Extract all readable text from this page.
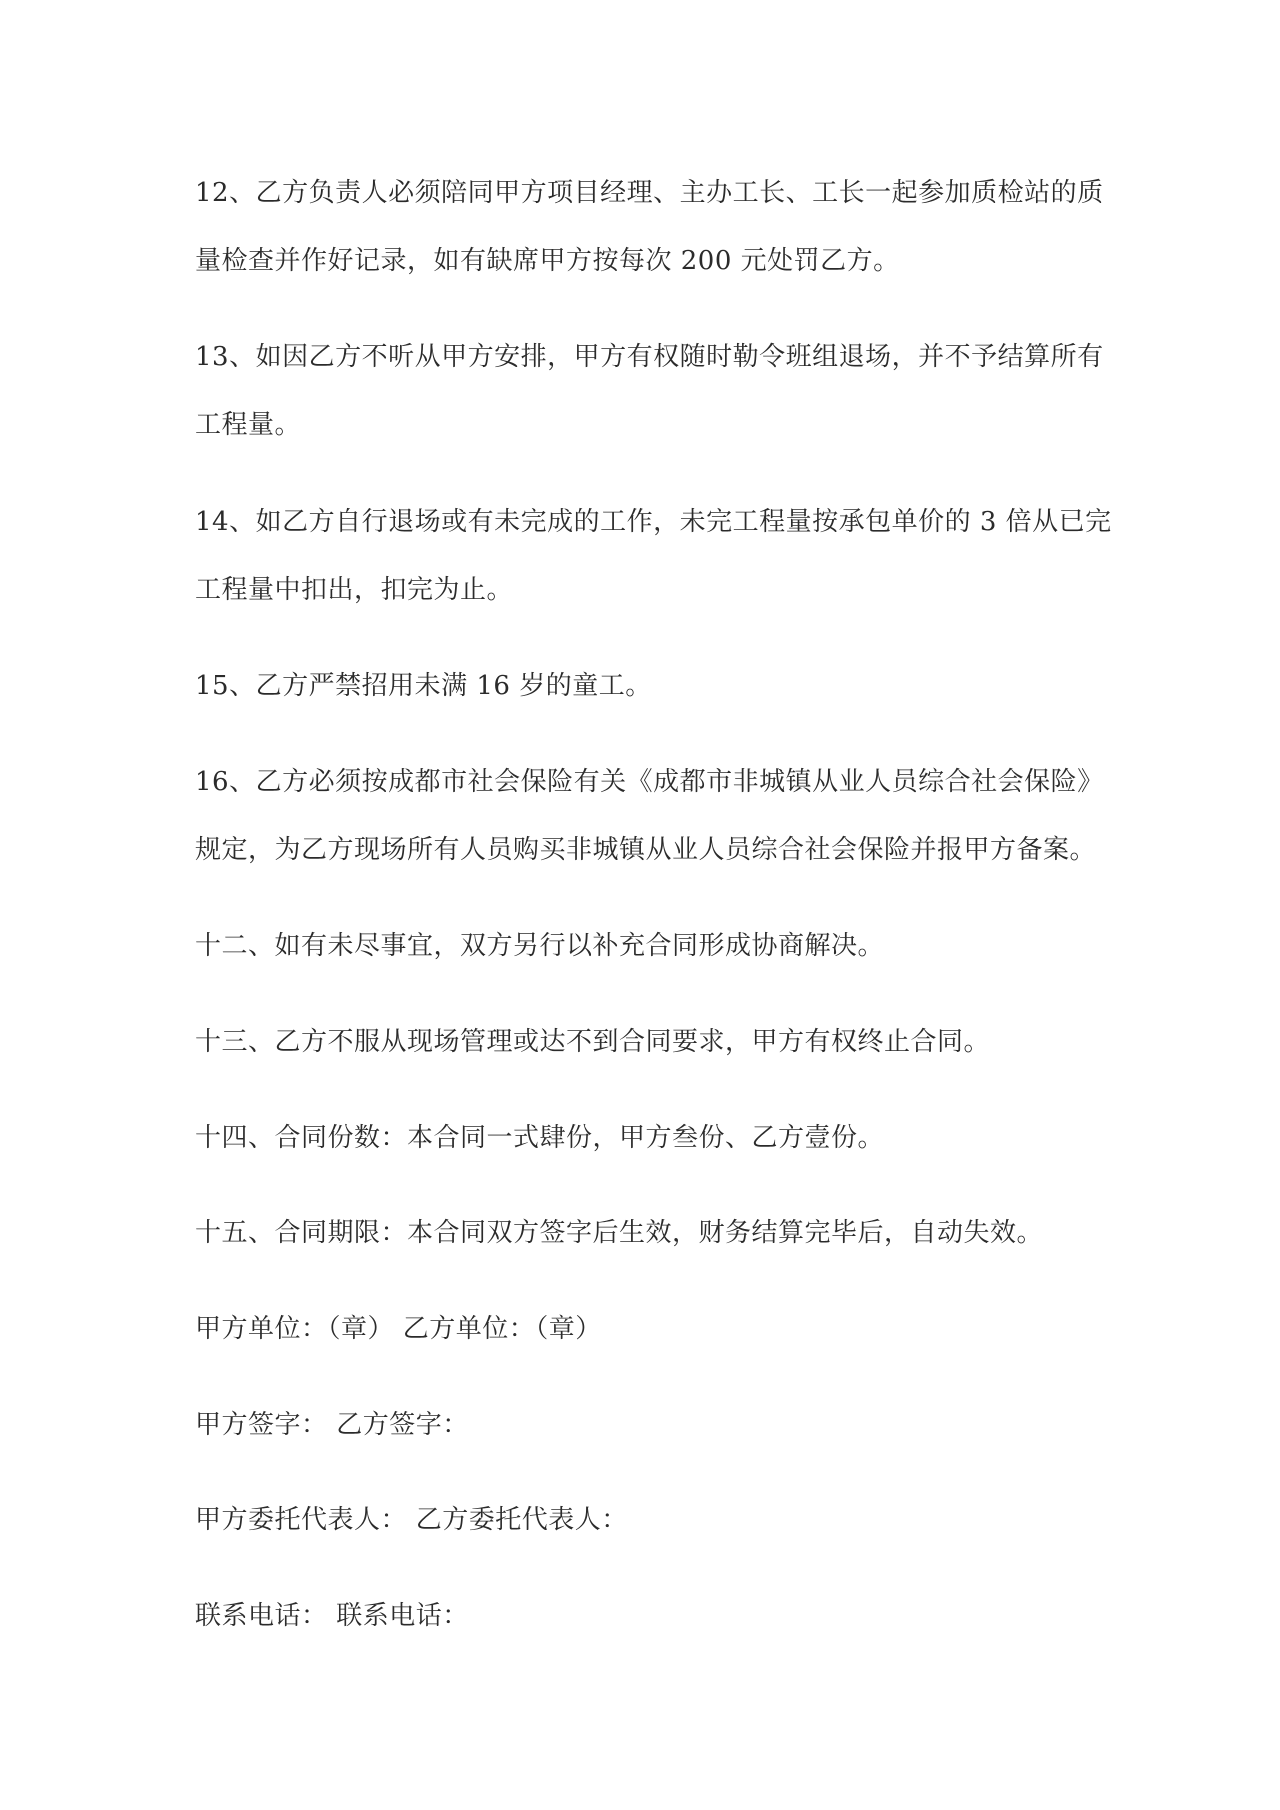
12、乙方负责人必须陪同甲方项目经理、主办工长、工长一起参加质检站的质
量检查并作好记录，如有缺席甲方按每次 200 元处罚乙方。

13、如因乙方不听从甲方安排，甲方有权随时勒令班组退场，并不予结算所有
工程量。

14、如乙方自行退场或有未完成的工作，未完工程量按承包单价的 3 倍从已完
工程量中扣出，扣完为止。

15、乙方严禁招用未满 16 岁的童工。

16、乙方必须按成都市社会保险有关《成都市非城镇从业人员综合社会保险》
规定，为乙方现场所有人员购买非城镇从业人员综合社会保险并报甲方备案。

十二、如有未尽事宜，双方另行以补充合同形成协商解决。

十三、乙方不服从现场管理或达不到合同要求，甲方有权终止合同。

十四、合同份数：本合同一式肆份，甲方叁份、乙方壹份。

十五、合同期限：本合同双方签字后生效，财务结算完毕后，自动失效。

甲方单位：（章） 乙方单位：（章）

甲方签字： 乙方签字：

甲方委托代表人： 乙方委托代表人：

联系电话： 联系电话：
